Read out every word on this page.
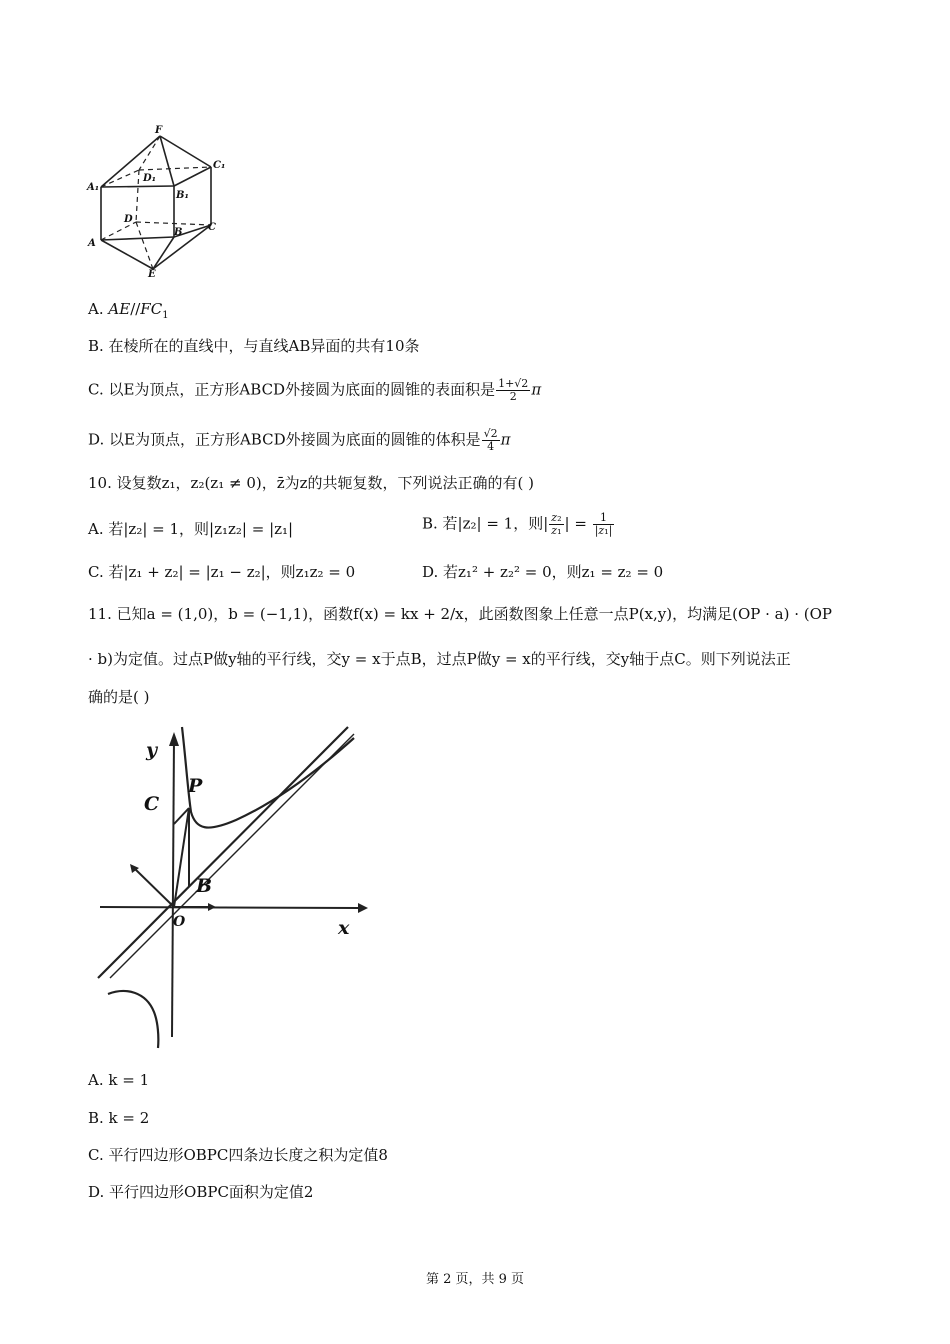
F
C₁
A₁
D₁
B₁
D
C
A
B
E
A. $AE//FC_1$
B. 在棱所在的直线中，与直线AB异面的共有10条
C. 以E为顶点，正方形ABCD外接圆为底面的圆锥的表面积是 $\frac{1+√2}{2}$ π
D. 以E为顶点，正方形ABCD外接圆为底面的圆锥的体积是 $\frac{√2}{4}$ π
10. 设复数z₁，z₂(z₁ ≠ 0)，z̄为z的共轭复数，下列说法正确的有( )
A. 若|z₂| = 1，则|z₁z₂| = |z₁|	B. 若|z₂| = 1，则| $\frac{\text{z₂}}{\text{z₁}}$ | = $\frac{1}{\text{|z₁|}}$
C. 若|z₁ + z₂| = |z₁ − z₂|，则z₁z₂ = 0	D. 若z₁² + z₂² = 0，则z₁ = z₂ = 0
11. 已知a = (1,0)，b = (−1,1)，函数f(x) = kx + 2/x，此函数图象上任意一点P(x,y)，均满足(OP · a) · (OP
· b)为定值。过点P做y轴的平行线，交y = x于点B，过点P做y = x的平行线，交y轴于点C。则下列说法正
确的是( )
y
C
P
B
O	x
A. k = 1
B. k = 2
C. 平行四边形OBPC四条边长度之积为定值8
D. 平行四边形OBPC面积为定值2
第 2 页，共 9 页
